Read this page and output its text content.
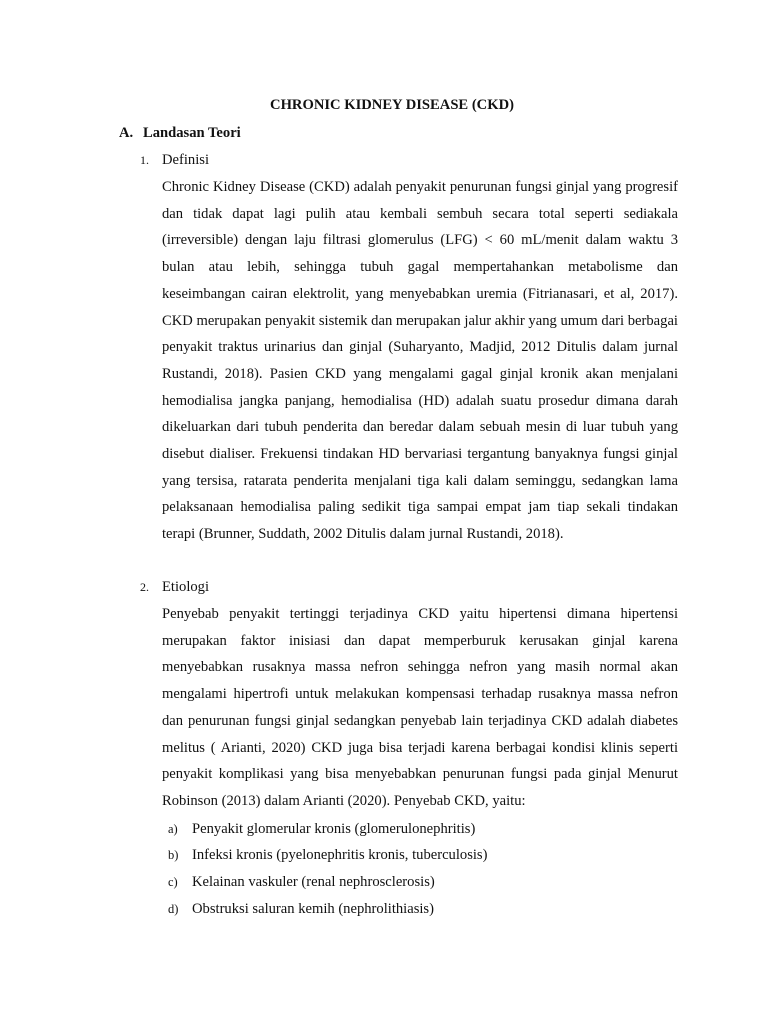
CHRONIC KIDNEY DISEASE (CKD)
A. Landasan Teori
1. Definisi

Chronic Kidney Disease (CKD) adalah penyakit penurunan fungsi ginjal yang progresif dan tidak dapat lagi pulih atau kembali sembuh secara total seperti sediakala (irreversible) dengan laju filtrasi glomerulus (LFG) < 60 mL/menit dalam waktu 3 bulan atau lebih, sehingga tubuh gagal mempertahankan metabolisme dan keseimbangan cairan elektrolit, yang menyebabkan uremia (Fitrianasari, et al, 2017). CKD merupakan penyakit sistemik dan merupakan jalur akhir yang umum dari berbagai penyakit traktus urinarius dan ginjal (Suharyanto, Madjid, 2012 Ditulis dalam jurnal Rustandi, 2018). Pasien CKD yang mengalami gagal ginjal kronik akan menjalani hemodialisa jangka panjang, hemodialisa (HD) adalah suatu prosedur dimana darah dikeluarkan dari tubuh penderita dan beredar dalam sebuah mesin di luar tubuh yang disebut dialiser. Frekuensi tindakan HD bervariasi tergantung banyaknya fungsi ginjal yang tersisa, ratarata penderita menjalani tiga kali dalam seminggu, sedangkan lama pelaksanaan hemodialisa paling sedikit tiga sampai empat jam tiap sekali tindakan terapi (Brunner, Suddath, 2002 Ditulis dalam jurnal Rustandi, 2018).

2. Etiologi

Penyebab penyakit tertinggi terjadinya CKD yaitu hipertensi dimana hipertensi merupakan faktor inisiasi dan dapat memperburuk kerusakan ginjal karena menyebabkan rusaknya massa nefron sehingga nefron yang masih normal akan mengalami hipertrofi untuk melakukan kompensasi terhadap rusaknya massa nefron dan penurunan fungsi ginjal sedangkan penyebab lain terjadinya CKD adalah diabetes melitus ( Arianti, 2020) CKD juga bisa terjadi karena berbagai kondisi klinis seperti penyakit komplikasi yang bisa menyebabkan penurunan fungsi pada ginjal Menurut Robinson (2013) dalam Arianti (2020). Penyebab CKD, yaitu:

a) Penyakit glomerular kronis (glomerulonephritis)
b) Infeksi kronis (pyelonephritis kronis, tuberculosis)
c) Kelainan vaskuler (renal nephrosclerosis)
d) Obstruksi saluran kemih (nephrolithiasis)
